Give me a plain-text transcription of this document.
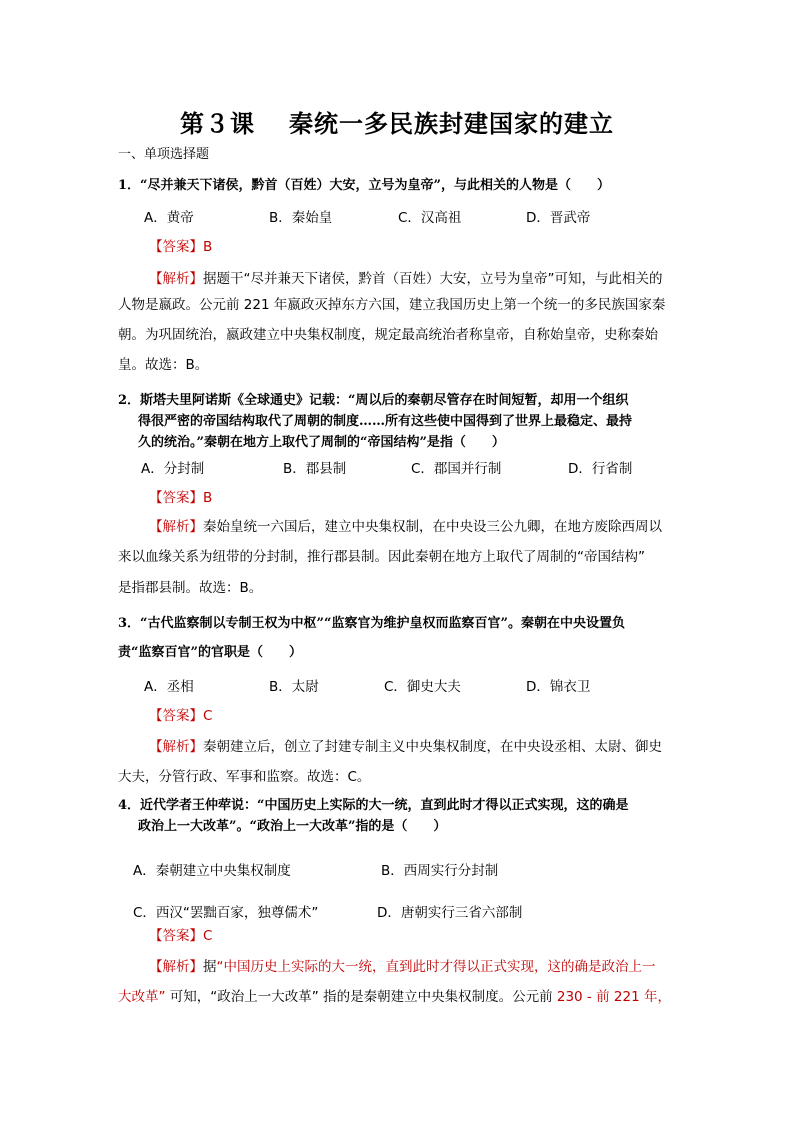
第３课 秦统一多民族封建国家的建立
一、单项选择题
1．“尽并兼天下诸侯，黔首（百姓）大安，立号为皇帝”，与此相关的人物是（　　）
A．黄帝	B．秦始皇	C．汉高祖	D．晋武帝
【答案】B
【解析】据题干“尽并兼天下诸侯，黔首（百姓）大安，立号为皇帝”可知，与此相关的
人物是嬴政。公元前 221 年嬴政灭掉东方六国，建立我国历史上第一个统一的多民族国家秦
朝。为巩固统治，嬴政建立中央集权制度，规定最高统治者称皇帝，自称始皇帝，史称秦始
皇。故选：B。
2．斯塔夫里阿诺斯《全球通史》记载：“周以后的秦朝尽管存在时间短暂，却用一个组织
得很严密的帝国结构取代了周朝的制度……所有这些使中国得到了世界上最稳定、最持
久的统治。”秦朝在地方上取代了周制的“帝国结构”是指（　　）
A．分封制	B．郡县制	C．郡国并行制	D．行省制
【答案】B
【解析】秦始皇统一六国后，建立中央集权制，在中央设三公九卿，在地方废除西周以
来以血缘关系为纽带的分封制，推行郡县制。因此秦朝在地方上取代了周制的“帝国结构”
是指郡县制。故选：B。
3．“古代监察制以专制王权为中枢”“监察官为维护皇权而监察百官”。秦朝在中央设置负
责“监察百官”的官职是（　　）
A．丞相	B．太尉	C．御史大夫	D．锦衣卫
【答案】C
【解析】秦朝建立后，创立了封建专制主义中央集权制度，在中央设丞相、太尉、御史
大夫，分管行政、军事和监察。故选：C。
4．近代学者王仲荦说：“中国历史上实际的大一统，直到此时才得以正式实现，这的确是
政治上一大改革”。“政治上一大改革”指的是（　　）
A．秦朝建立中央集权制度	B．西周实行分封制
C．西汉“罢黜百家，独尊儒术”	D．唐朝实行三省六部制
【答案】C
【解析】据“中国历史上实际的大一统，直到此时才得以正式实现，这的确是政治上一
大改革” 可知，“政治上一大改革” 指的是秦朝建立中央集权制度。公元前 230 - 前 221 年，
